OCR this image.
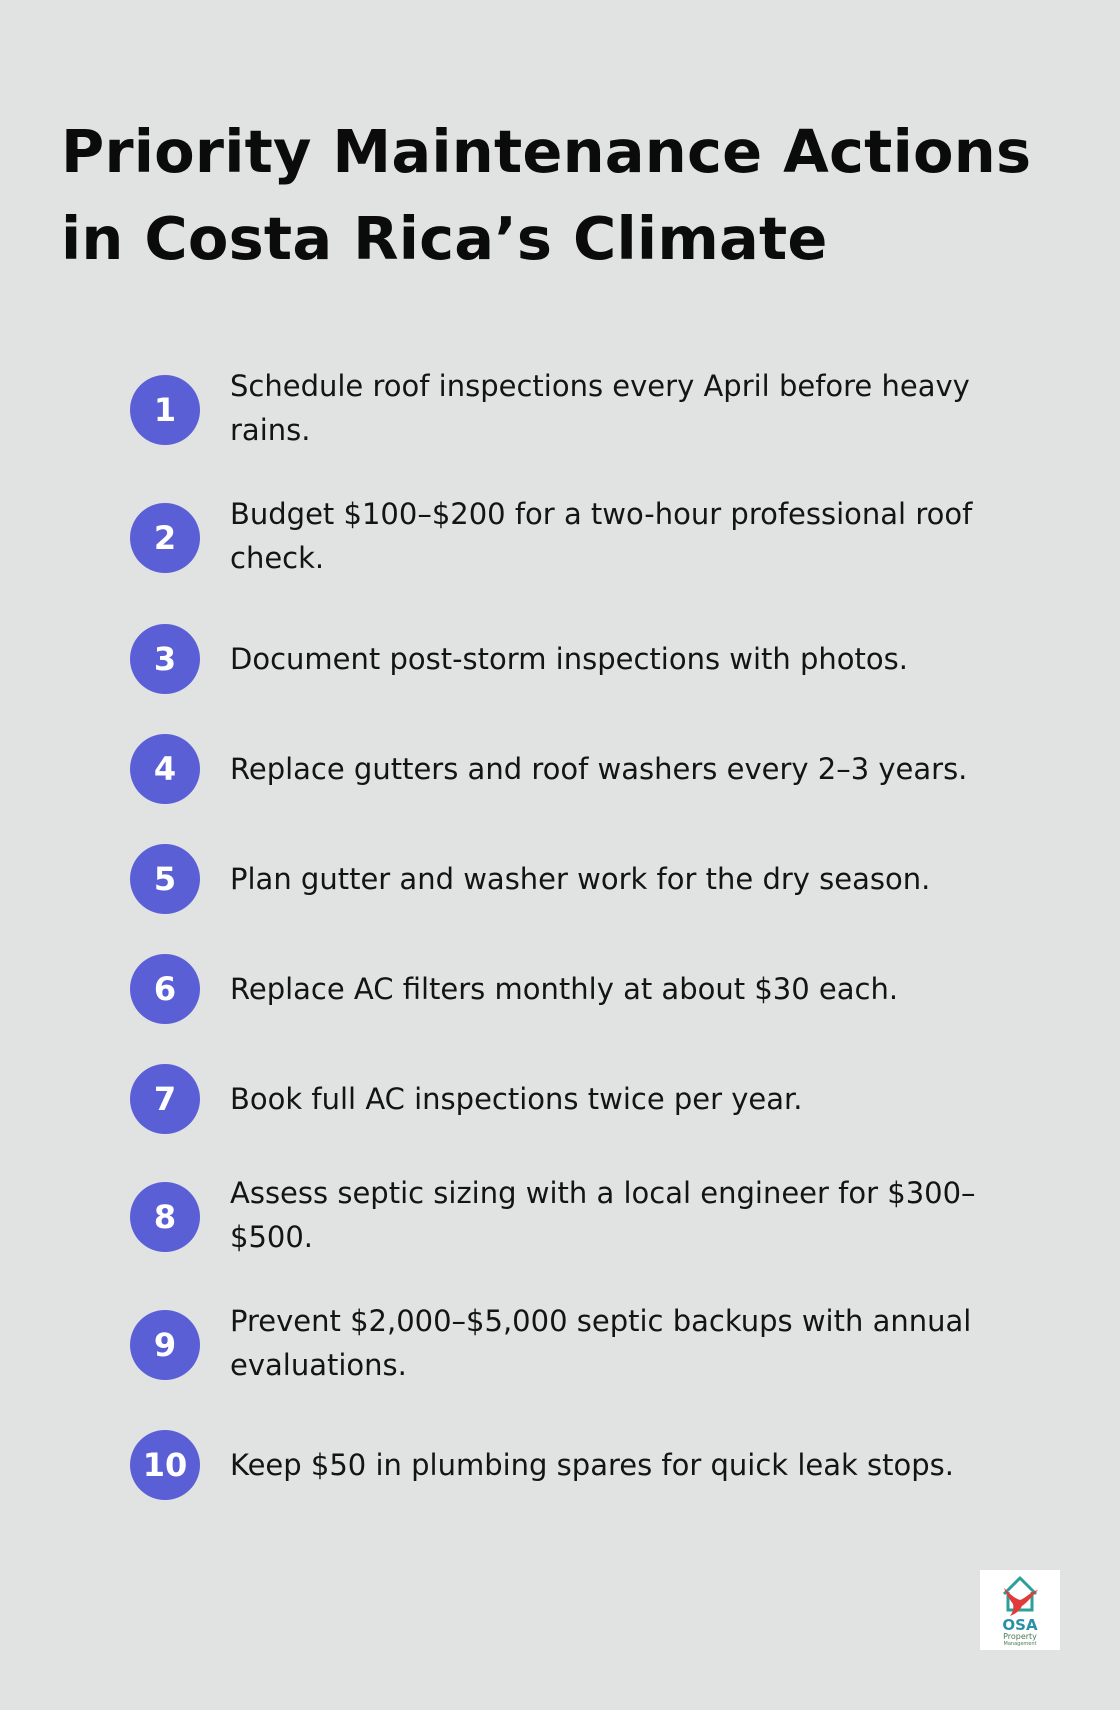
Priority Maintenance Actions
in Costa Rica’s Climate
1
Schedule roof inspections every April before heavy
rains.
2
Budget $100–$200 for a two-hour professional roof
check.
3	Document post-storm inspections with photos.
4	Replace gutters and roof washers every 2–3 years.
5	Plan gutter and washer work for the dry season.
6	Replace AC filters monthly at about $30 each.
7	Book full AC inspections twice per year.
8
Assess septic sizing with a local engineer for $300–
$500.
9
Prevent $2,000–$5,000 septic backups with annual
evaluations.
10	Keep $50 in plumbing spares for quick leak stops.
OSA
Property
Management
